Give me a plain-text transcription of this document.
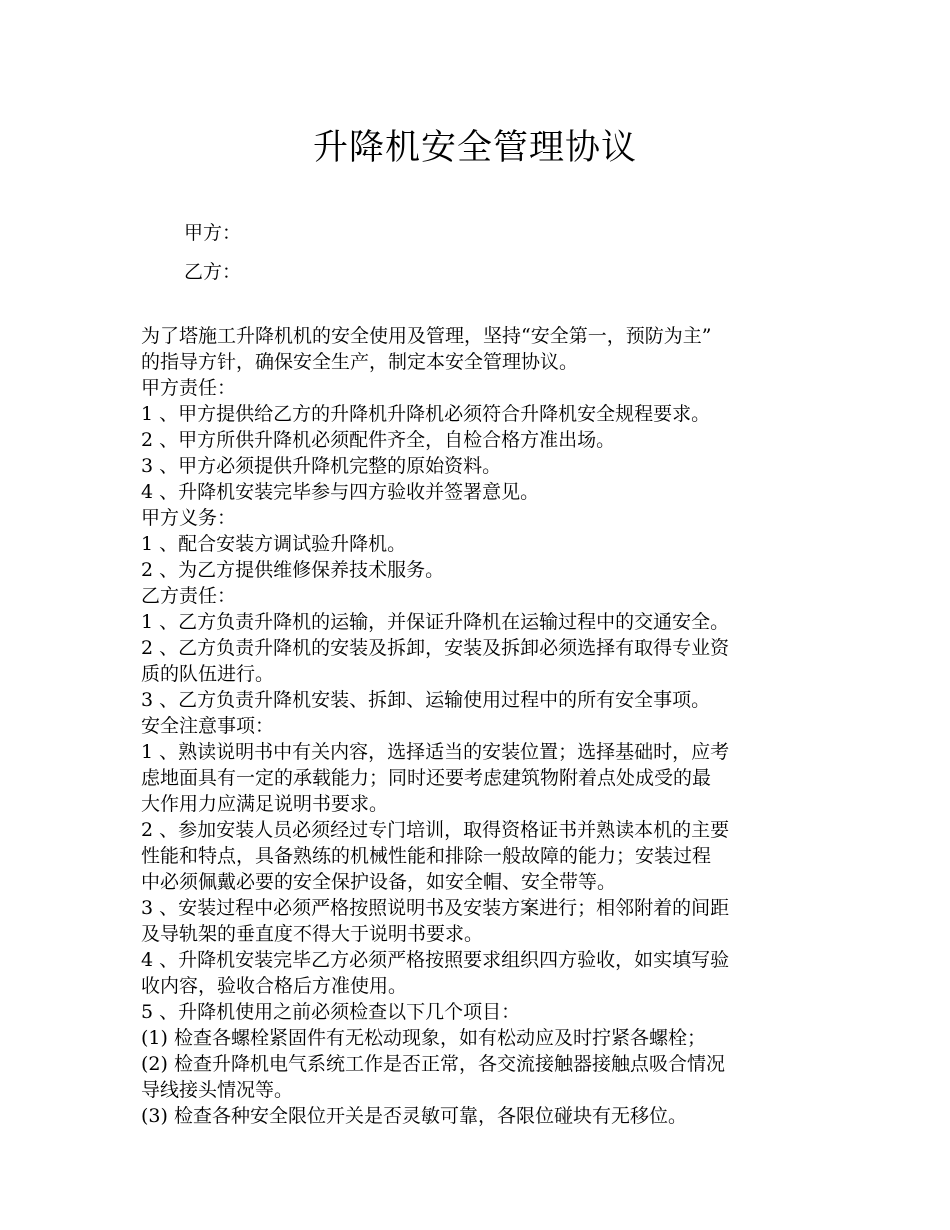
升降机安全管理协议
甲方：
乙方：

为了塔施工升降机机的安全使用及管理，坚持“安全第一，预防为主”

的指导方针，确保安全生产，制定本安全管理协议。

甲方责任：

1 、甲方提供给乙方的升降机升降机必须符合升降机安全规程要求。

2 、甲方所供升降机必须配件齐全，自检合格方准出场。

3 、甲方必须提供升降机完整的原始资料。

4 、升降机安装完毕参与四方验收并签署意见。

甲方义务：

1 、配合安装方调试验升降机。

2 、为乙方提供维修保养技术服务。

乙方责任：

1 、乙方负责升降机的运输，并保证升降机在运输过程中的交通安全。

2 、乙方负责升降机的安装及拆卸，安装及拆卸必须选择有取得专业资

质的队伍进行。

3 、乙方负责升降机安装、拆卸、运输使用过程中的所有安全事项。

安全注意事项：

1 、熟读说明书中有关内容，选择适当的安装位置；选择基础时，应考

虑地面具有一定的承载能力；同时还要考虑建筑物附着点处成受的最

大作用力应满足说明书要求。

2 、参加安装人员必须经过专门培训，取得资格证书并熟读本机的主要

性能和特点，具备熟练的机械性能和排除一般故障的能力；安装过程

中必须佩戴必要的安全保护设备，如安全帽、安全带等。

3 、安装过程中必须严格按照说明书及安装方案进行；相邻附着的间距

及导轨架的垂直度不得大于说明书要求。

4 、升降机安装完毕乙方必须严格按照要求组织四方验收，如实填写验

收内容，验收合格后方准使用。

5 、升降机使用之前必须检查以下几个项目：

(1) 检查各螺栓紧固件有无松动现象，如有松动应及时拧紧各螺栓；

(2) 检查升降机电气系统工作是否正常，各交流接触器接触点吸合情况

导线接头情况等。

(3) 检查各种安全限位开关是否灵敏可靠，各限位碰块有无移位。
